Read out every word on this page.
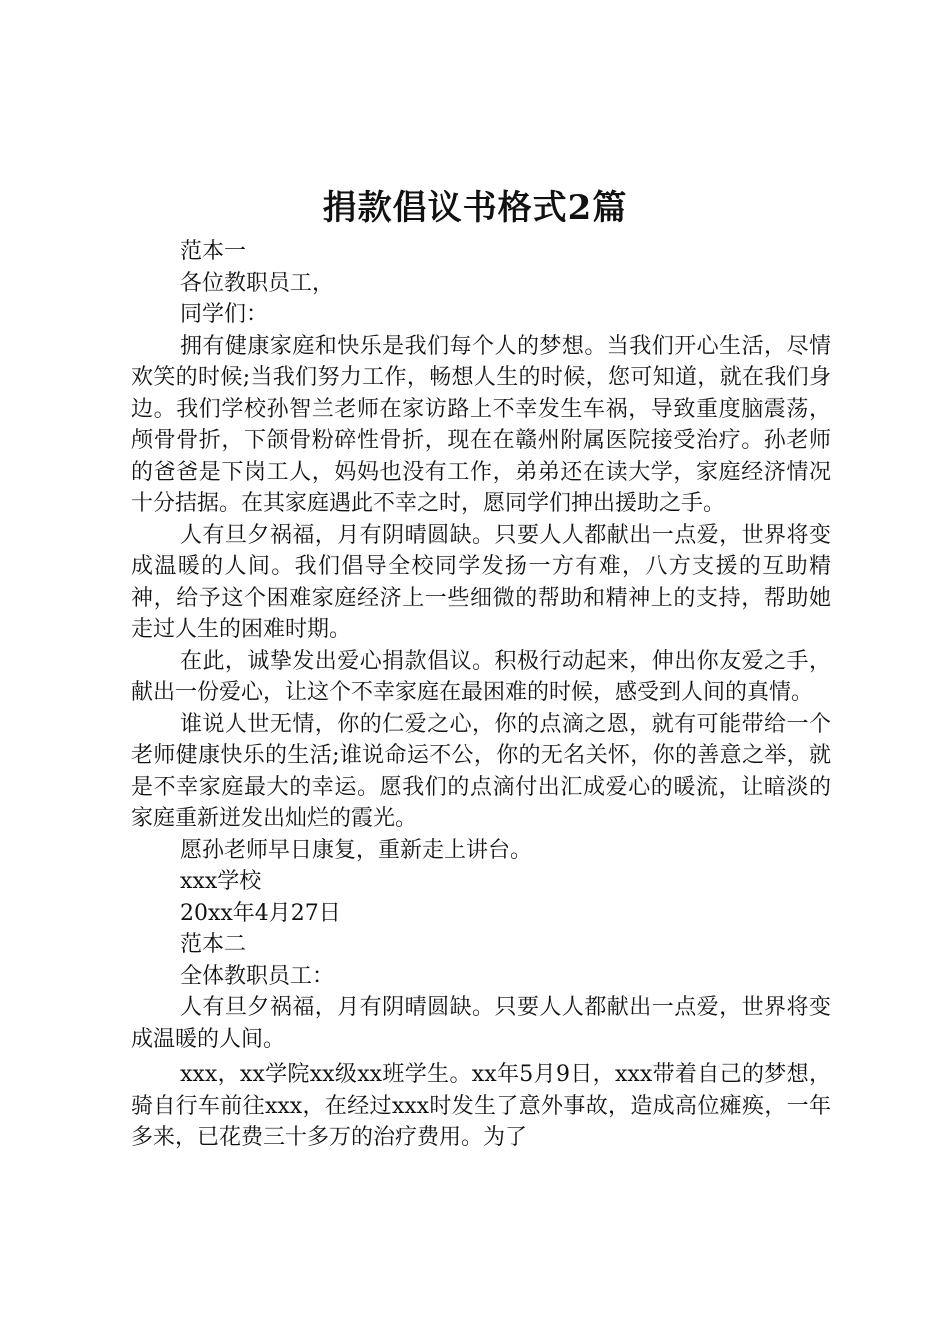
捐款倡议书格式2篇

范本一

各位教职员工，

同学们：

拥有健康家庭和快乐是我们每个人的梦想。当我们开心生活，尽情欢笑的时候;当我们努力工作，畅想人生的时候，您可知道，就在我们身边。我们学校孙智兰老师在家访路上不幸发生车祸，导致重度脑震荡，颅骨骨折，下颌骨粉碎性骨折，现在在赣州附属医院接受治疗。孙老师的爸爸是下岗工人，妈妈也没有工作，弟弟还在读大学，家庭经济情况十分拮据。在其家庭遇此不幸之时，愿同学们抻出援助之手。

人有旦夕祸福，月有阴晴圆缺。只要人人都献出一点爱，世界将变成温暖的人间。我们倡导全校同学发扬一方有难，八方支援的互助精神，给予这个困难家庭经济上一些细微的帮助和精神上的支持，帮助她走过人生的困难时期。

在此，诚挚发出爱心捐款倡议。积极行动起来，伸出你友爱之手，献出一份爱心，让这个不幸家庭在最困难的时候，感受到人间的真情。

谁说人世无情，你的仁爱之心，你的点滴之恩，就有可能带给一个老师健康快乐的生活;谁说命运不公，你的无名关怀，你的善意之举，就是不幸家庭最大的幸运。愿我们的点滴付出汇成爱心的暖流，让暗淡的家庭重新迸发出灿烂的霞光。

愿孙老师早日康复，重新走上讲台。

xxx学校

20xx年4月27日

范本二

全体教职员工：

人有旦夕祸福，月有阴晴圆缺。只要人人都献出一点爱，世界将变成温暖的人间。

xxx，xx学院xx级xx班学生。xx年5月9日，xxx带着自己的梦想，骑自行车前往xxx，在经过xxx时发生了意外事故，造成高位瘫痪，一年多来，已花费三十多万的治疗费用。为了
